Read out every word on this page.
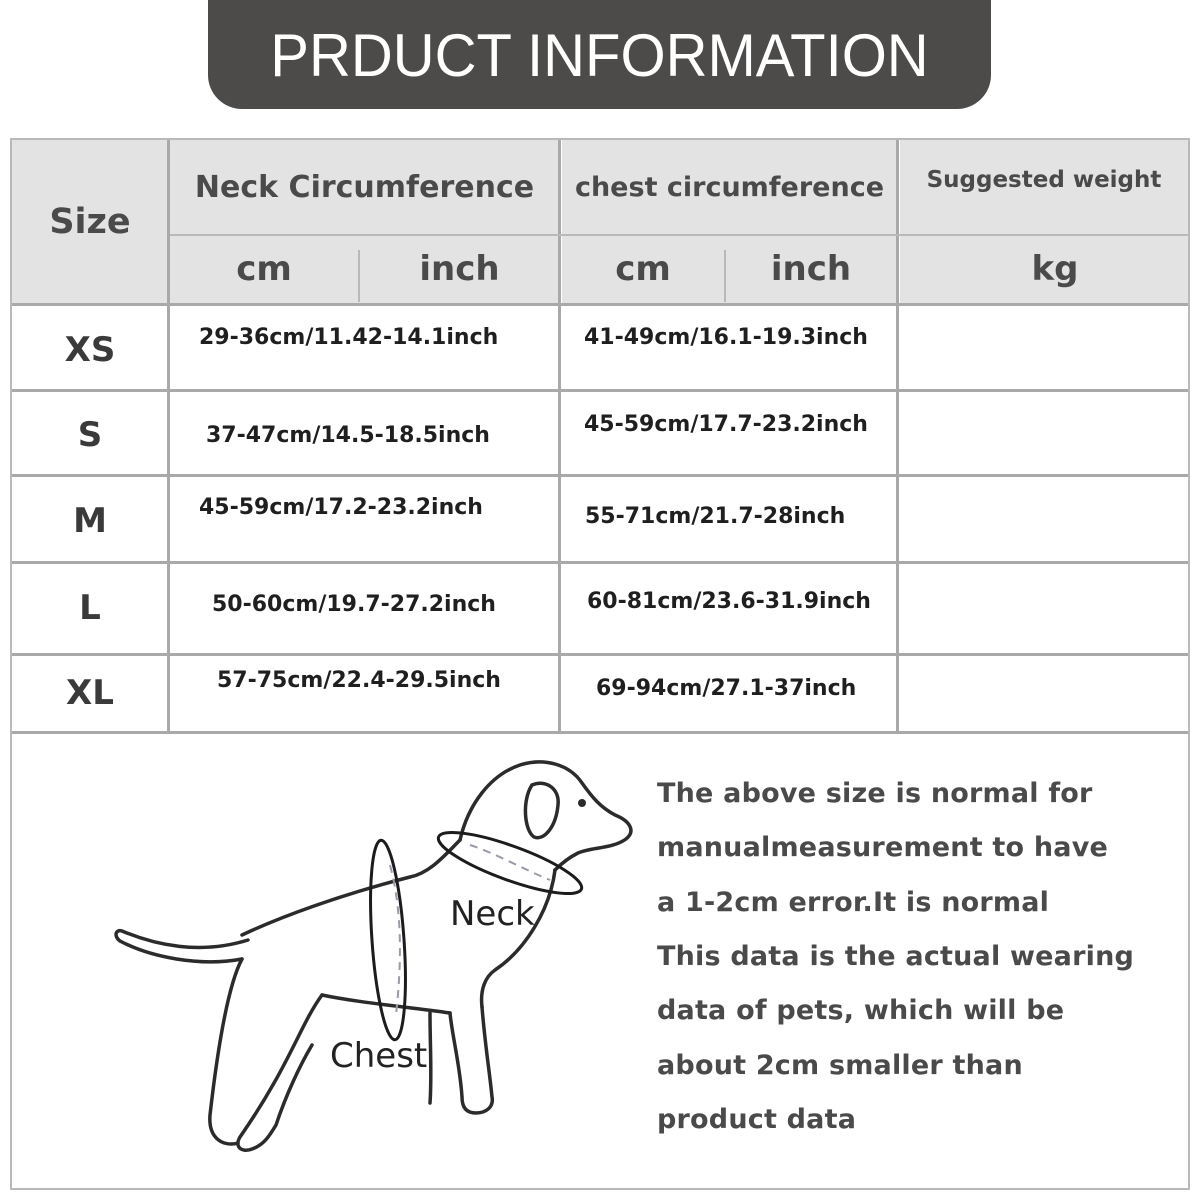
PRDUCT INFORMATION
Size
Neck Circumference	chest circumference	Suggested weight
cm	inch	cm	inch	kg
XS	29-36cm/11.42-14.1inch	41-49cm/16.1-19.3inch
S	37-47cm/14.5-18.5inch	45-59cm/17.7-23.2inch
M	45-59cm/17.2-23.2inch	55-71cm/21.7-28inch
L	50-60cm/19.7-27.2inch	60-81cm/23.6-31.9inch
XL	57-75cm/22.4-29.5inch	69-94cm/27.1-37inch
Neck
Chest
The above size is normal for
manualmeasurement to have
a 1-2cm error.It is normal
This data is the actual wearing
data of pets, which will be
about 2cm smaller than
product data
